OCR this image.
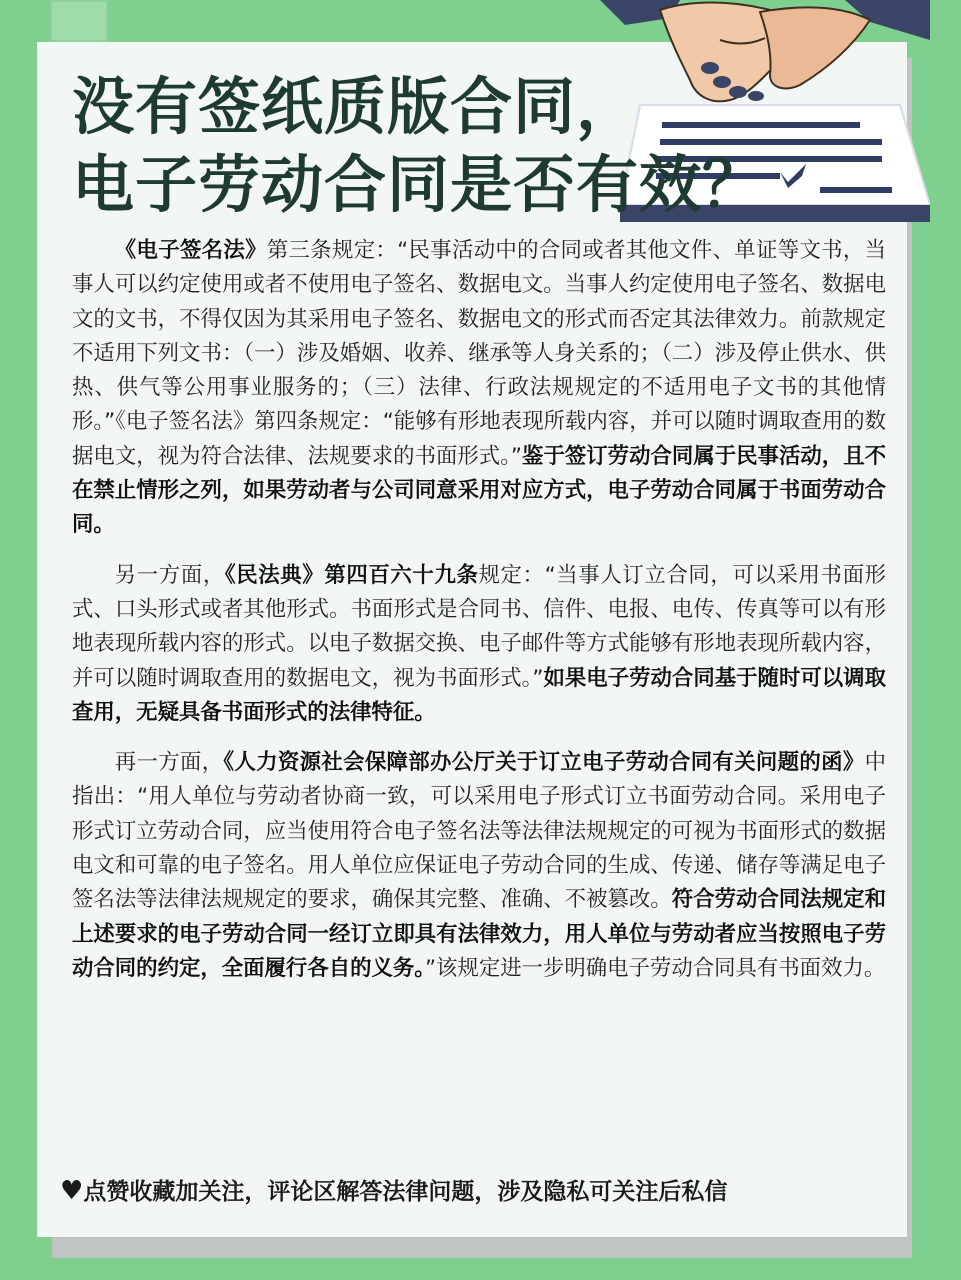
没有签纸质版合同，
电子劳动合同是否有效？

《电子签名法》第三条规定：“民事活动中的合同或者其他文件、单证等文书，当事人可以约定使用或者不使用电子签名、数据电文。当事人约定使用电子签名、数据电文的文书，不得仅因为其采用电子签名、数据电文的形式而否定其法律效力。前款规定不适用下列文书：（一）涉及婚姻、收养、继承等人身关系的；（二）涉及停止供水、供热、供气等公用事业服务的；（三）法律、行政法规规定的不适用电子文书的其他情形。”《电子签名法》第四条规定：“能够有形地表现所载内容，并可以随时调取查用的数据电文，视为符合法律、法规要求的书面形式。”鉴于签订劳动合同属于民事活动，且不在禁止情形之列，如果劳动者与公司同意采用对应方式，电子劳动合同属于书面劳动合同。

另一方面，《民法典》第四百六十九条规定：“当事人订立合同，可以采用书面形式、口头形式或者其他形式。书面形式是合同书、信件、电报、电传、传真等可以有形地表现所载内容的形式。以电子数据交换、电子邮件等方式能够有形地表现所载内容，并可以随时调取查用的数据电文，视为书面形式。”如果电子劳动合同基于随时可以调取查用，无疑具备书面形式的法律特征。

再一方面，《人力资源社会保障部办公厅关于订立电子劳动合同有关问题的函》中指出：“用人单位与劳动者协商一致，可以采用电子形式订立书面劳动合同。采用电子形式订立劳动合同，应当使用符合电子签名法等法律法规规定的可视为书面形式的数据电文和可靠的电子签名。用人单位应保证电子劳动合同的生成、传递、储存等满足电子签名法等法律法规规定的要求，确保其完整、准确、不被篡改。符合劳动合同法规定和上述要求的电子劳动合同一经订立即具有法律效力，用人单位与劳动者应当按照电子劳动合同的约定，全面履行各自的义务。”该规定进一步明确电子劳动合同具有书面效力。

♥点赞收藏加关注，评论区解答法律问题，涉及隐私可关注后私信
